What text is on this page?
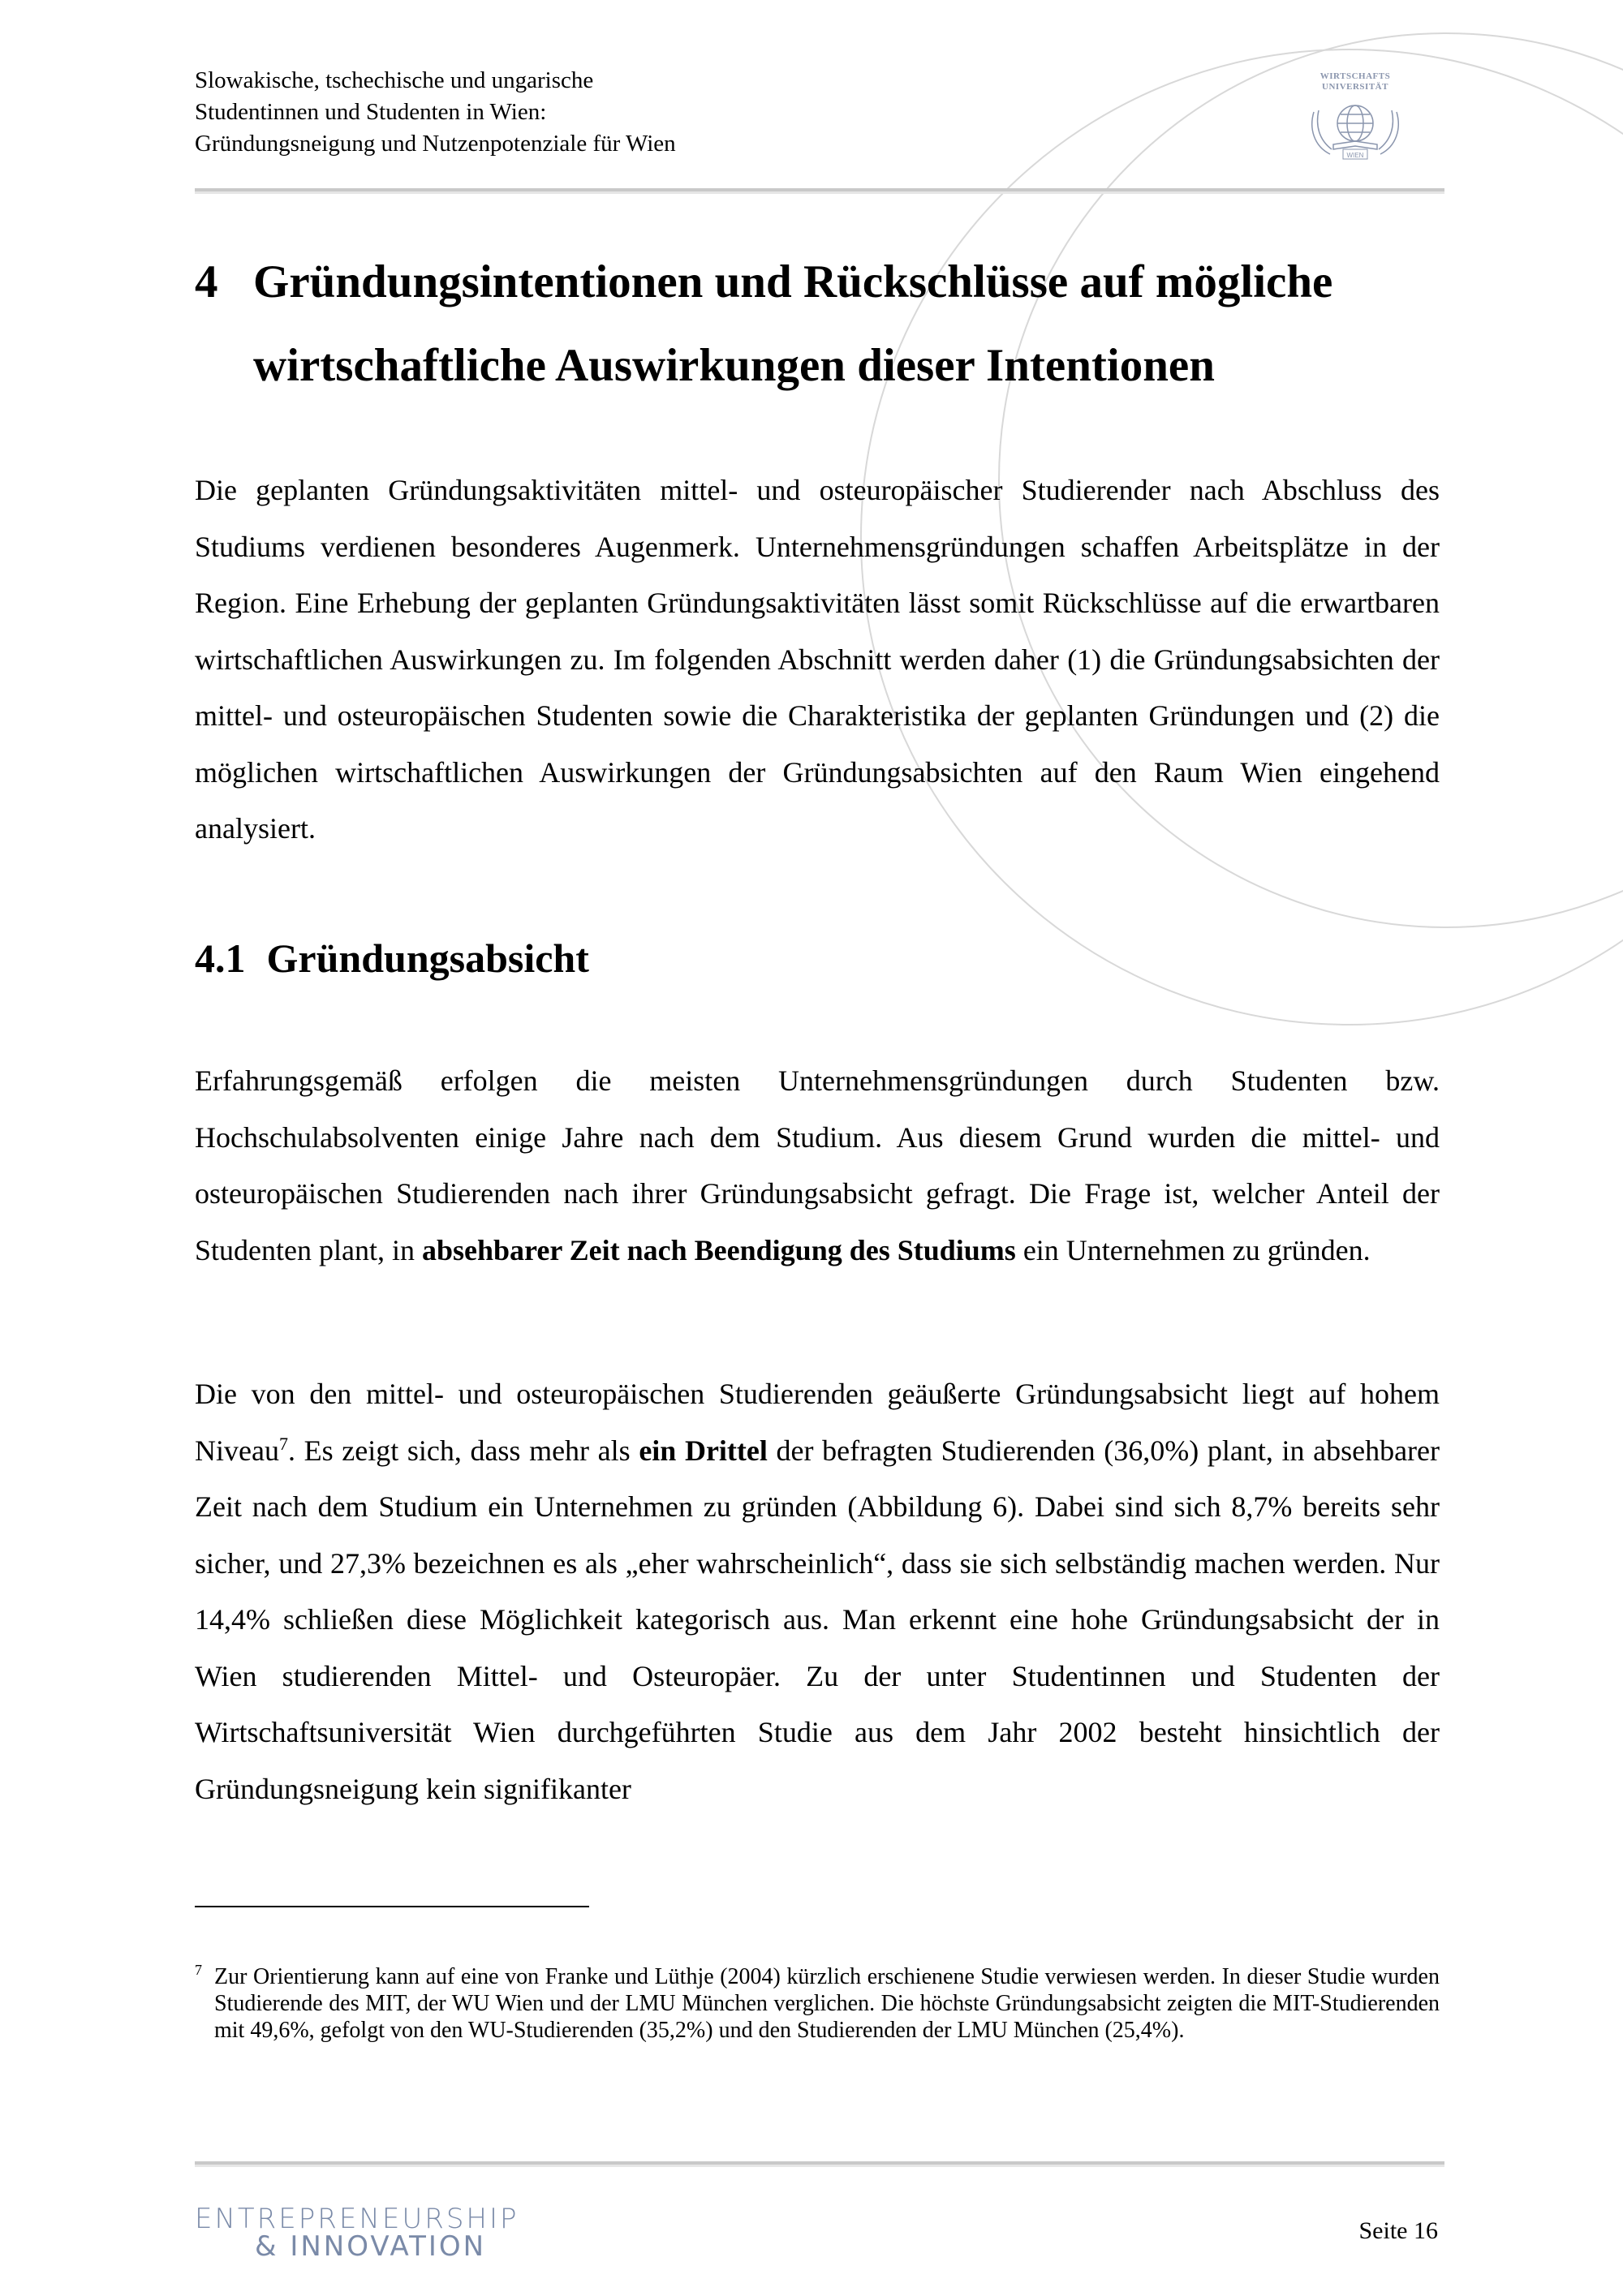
Slowakische, tschechische und ungarische
Studentinnen und Studenten in Wien:
Gründungsneigung und Nutzenpotenziale für Wien
WIRTSCHAFTS
UNIVERSITÄT
WIEN
4 Gründungsintentionen und Rückschlüsse auf mögliche wirtschaftliche Auswirkungen dieser Intentionen

Die geplanten Gründungsaktivitäten mittel- und osteuropäischer Studierender nach Abschluss des Studiums verdienen besonderes Augenmerk. Unternehmensgründungen schaffen Arbeitsplätze in der Region. Eine Erhebung der geplanten Gründungsaktivitäten lässt somit Rückschlüsse auf die erwartbaren wirtschaftlichen Auswirkungen zu. Im folgenden Abschnitt werden daher (1) die Gründungsabsichten der mittel- und osteuropäischen Studenten sowie die Charakteristika der geplanten Gründungen und (2) die möglichen wirtschaftlichen Auswirkungen der Gründungsabsichten auf den Raum Wien eingehend analysiert.

4.1 Gründungsabsicht

Erfahrungsgemäß erfolgen die meisten Unternehmensgründungen durch Studenten bzw. Hochschulabsolventen einige Jahre nach dem Studium. Aus diesem Grund wurden die mittel- und osteuropäischen Studierenden nach ihrer Gründungsabsicht gefragt. Die Frage ist, welcher Anteil der Studenten plant, in absehbarer Zeit nach Beendigung des Studiums ein Unternehmen zu gründen.

Die von den mittel- und osteuropäischen Studierenden geäußerte Gründungsabsicht liegt auf hohem Niveau$^7$. Es zeigt sich, dass mehr als ein Drittel der befragten Studierenden (36,0%) plant, in absehbarer Zeit nach dem Studium ein Unternehmen zu gründen (Abbildung 6). Dabei sind sich 8,7% bereits sehr sicher, und 27,3% bezeichnen es als „eher wahrscheinlich“, dass sie sich selbständig machen werden. Nur 14,4% schließen diese Möglichkeit kategorisch aus. Man erkennt eine hohe Gründungsabsicht der in Wien studierenden Mittel- und Osteuropäer. Zu der unter Studentinnen und Studenten der Wirtschaftsuniversität Wien durchgeführten Studie aus dem Jahr 2002 besteht hinsichtlich der Gründungsneigung kein signifikanter

7 Zur Orientierung kann auf eine von Franke und Lüthje (2004) kürzlich erschienene Studie verwiesen werden. In dieser Studie wurden Studierende des MIT, der WU Wien und der LMU München verglichen. Die höchste Gründungsabsicht zeigten die MIT-Studierenden mit 49,6%, gefolgt von den WU-Studierenden (35,2%) und den Studierenden der LMU München (25,4%).
ENTREPRENEURSHIP
& INNOVATION	Seite 16
